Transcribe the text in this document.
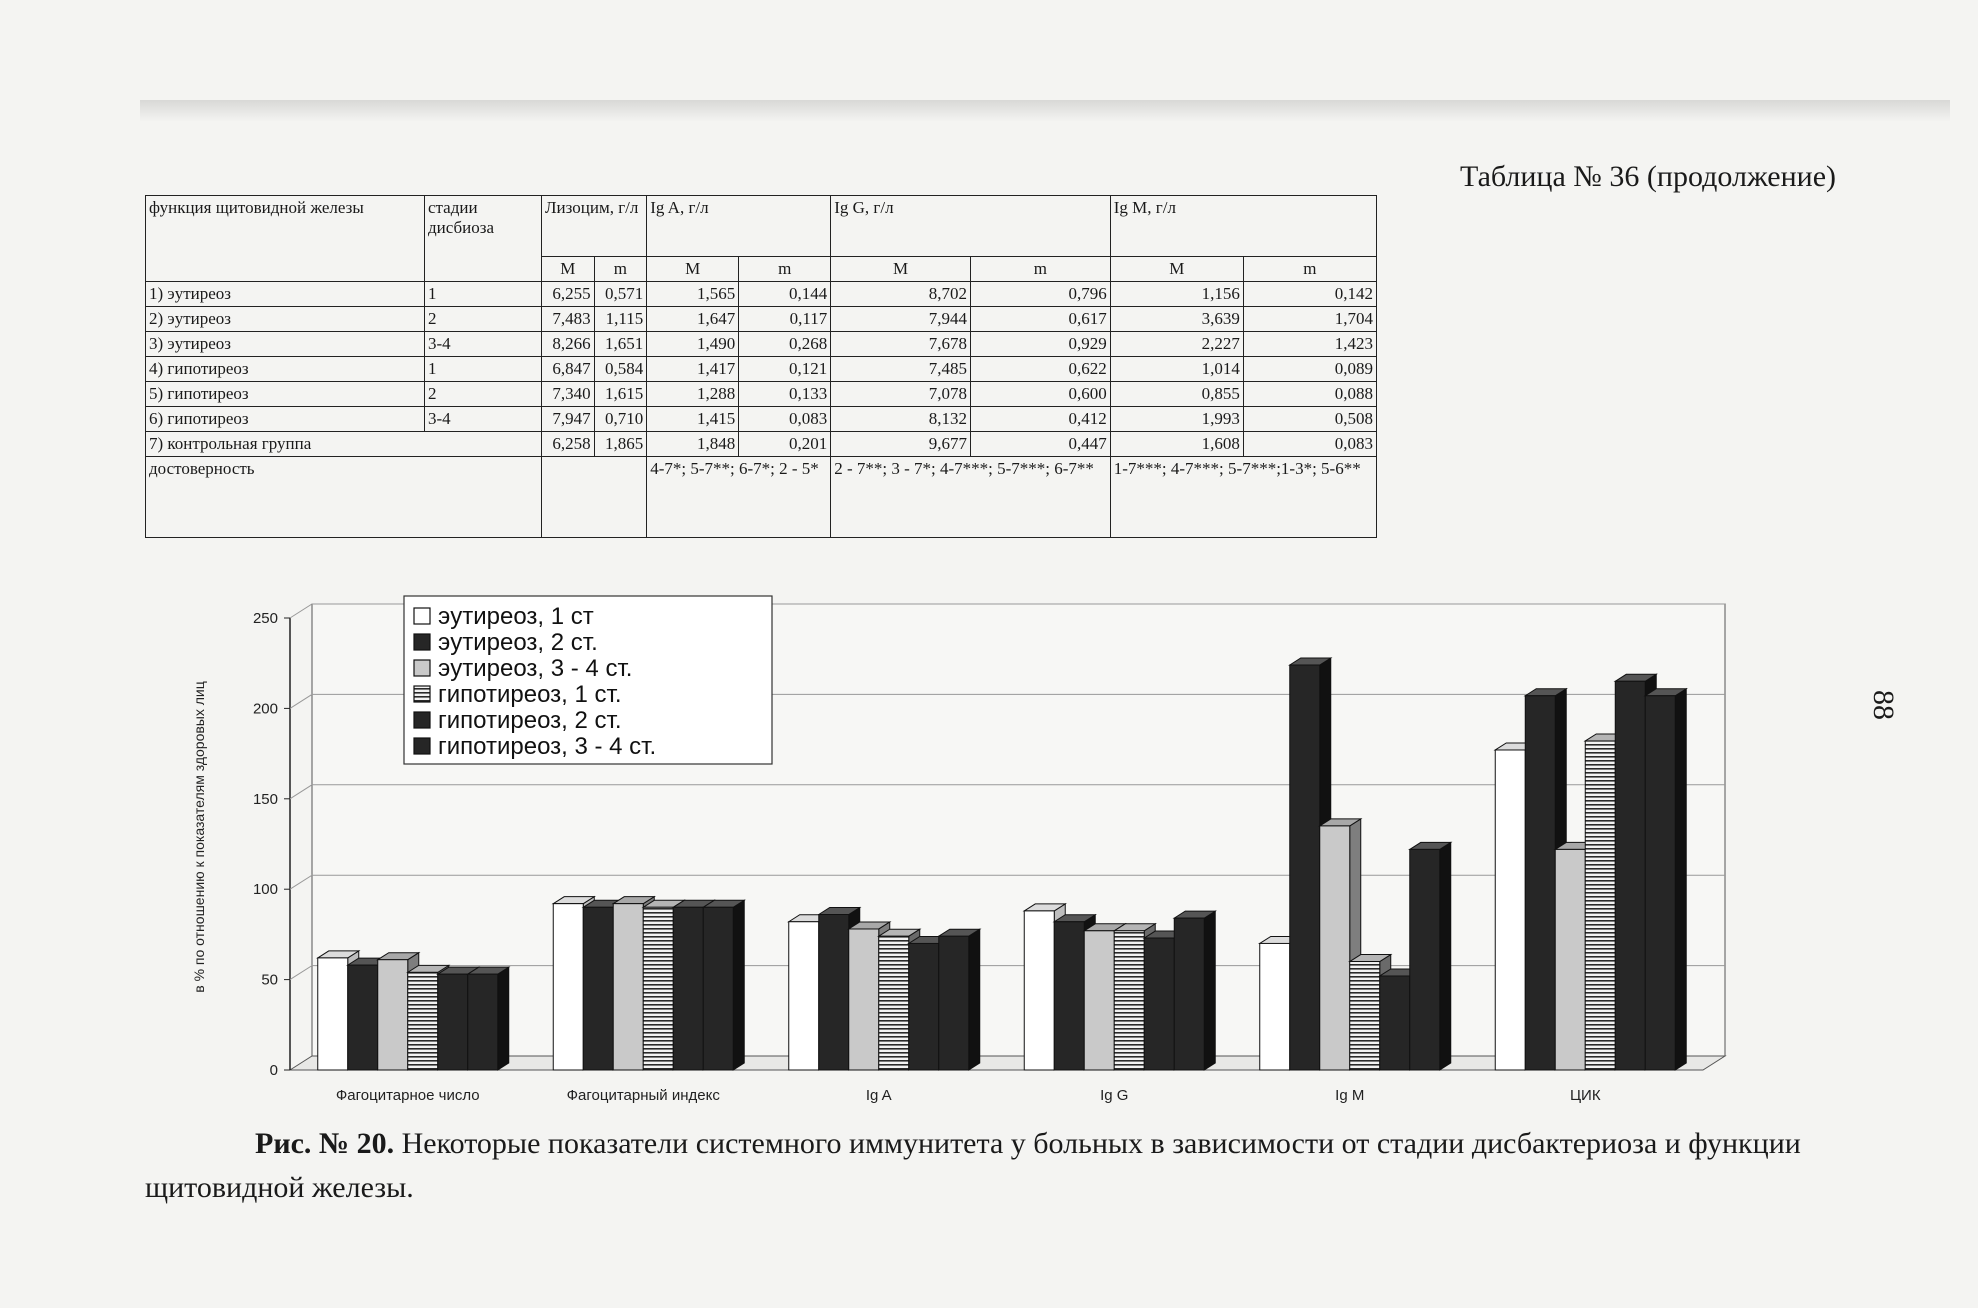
88
Таблица № 36 (продолжение)
функция щитовидной железы	стадии дисбиоза	Лизоцим, г/л		Ig A, г/л		Ig G, г/л		Ig M, г/л	
		M	m	M	m	M	m	M	m
1) эутиреоз	1	6,255	0,571	1,565	0,144	8,702	0,796	1,156	0,142
2) эутиреоз	2	7,483	1,115	1,647	0,117	7,944	0,617	3,639	1,704
3) эутиреоз	3-4	8,266	1,651	1,490	0,268	7,678	0,929	2,227	1,423
4) гипотиреоз	1	6,847	0,584	1,417	0,121	7,485	0,622	1,014	0,089
5) гипотиреоз	2	7,340	1,615	1,288	0,133	7,078	0,600	0,855	0,088
6) гипотиреоз	3-4	7,947	0,710	1,415	0,083	8,132	0,412	1,993	0,508
7) контрольная группа		6,258	1,865	1,848	0,201	9,677	0,447	1,608	0,083
достоверность				4-7*; 5-7**; 6-7*; 2 - 5*		2 - 7**; 3 - 7*; 4-7***; 5-7***; 6-7**		1-7***; 4-7***; 5-7***;1-3*; 5-6**	
0
50
100
150
200
250
в % по отношению к показателям здоровых лиц
Фагоцитарное число	Фагоцитарный индекс	Ig A	Ig G	Ig M	ЦИК
эутиреоз, 1 ст
эутиреоз, 2 ст.
эутиреоз, 3 - 4 ст.
гипотиреоз, 1 ст.
гипотиреоз, 2 ст.
гипотиреоз, 3 - 4 ст.
Рис. № 20. Некоторые показатели системного иммунитета у больных в зависимости от стадии дисбактериоза и функции щитовидной железы.
